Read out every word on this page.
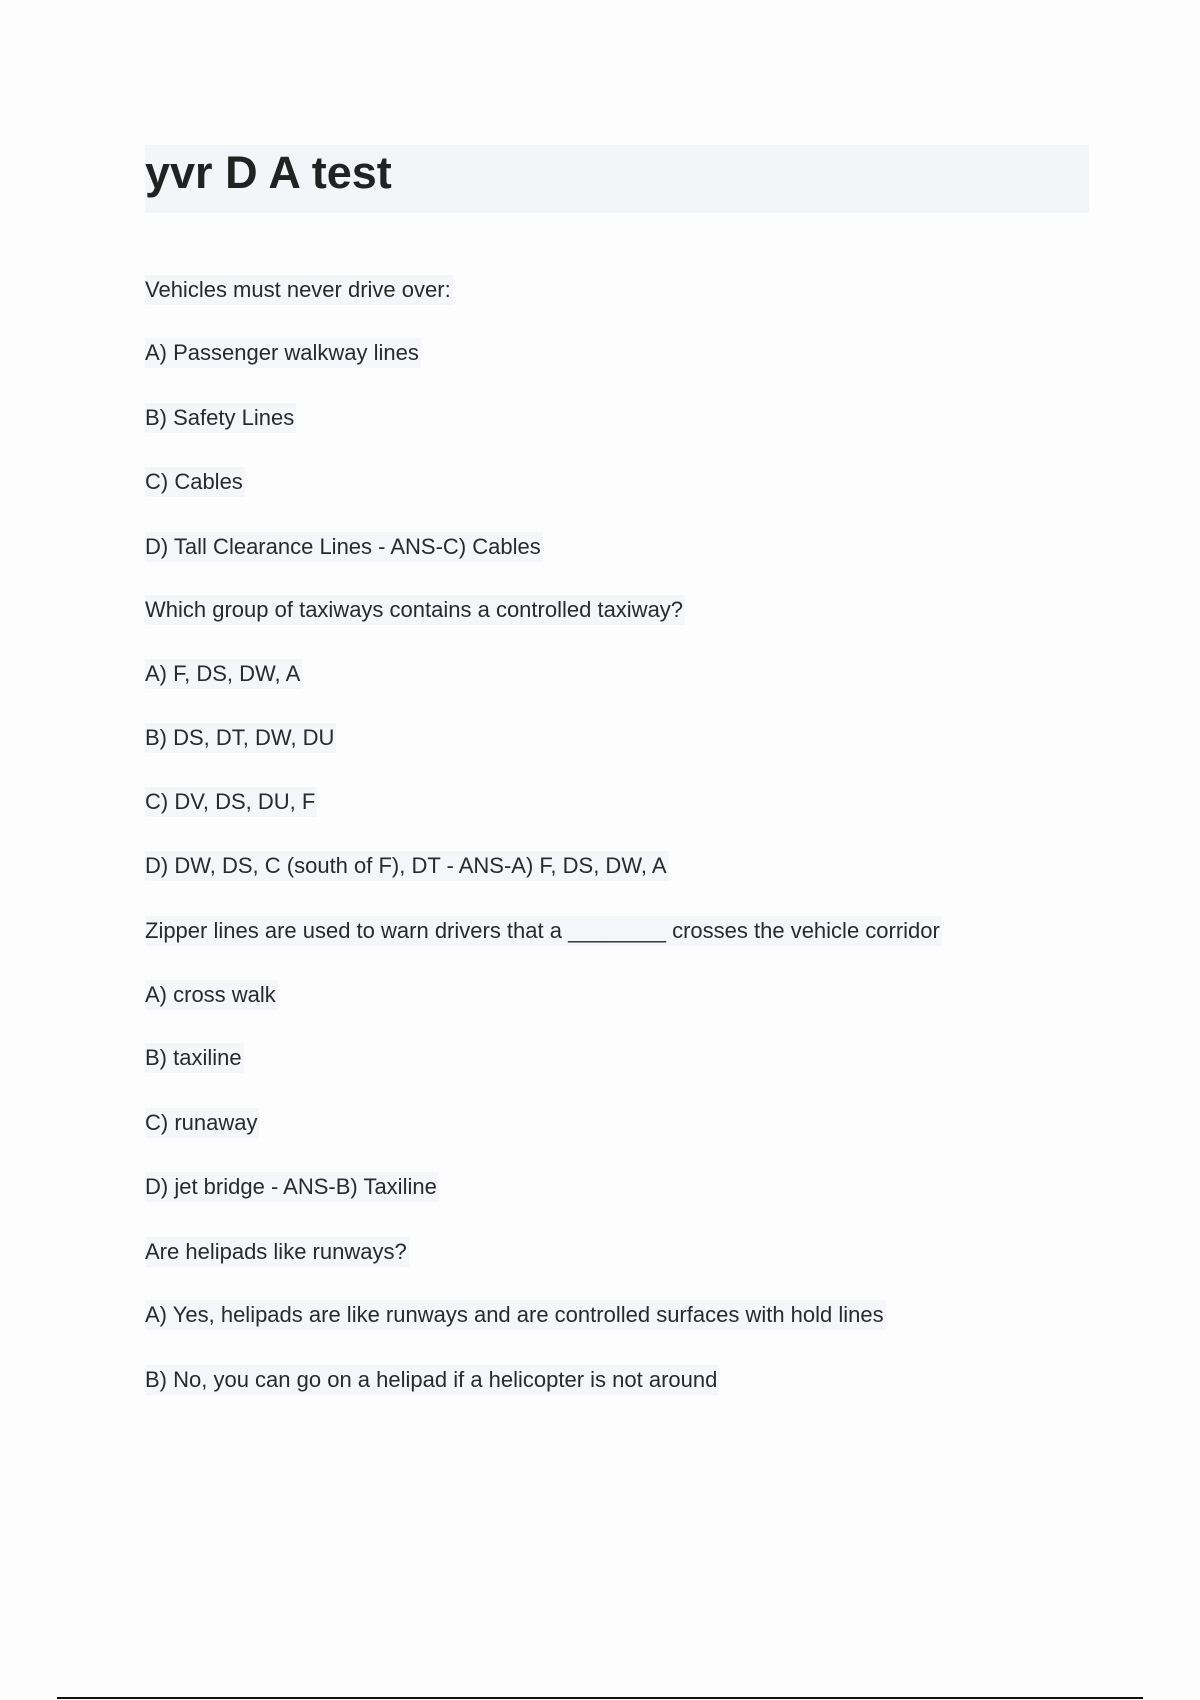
yvr D A test

Vehicles must never drive over:

A) Passenger walkway lines

B) Safety Lines

C) Cables

D) Tall Clearance Lines - ANS-C) Cables

Which group of taxiways contains a controlled taxiway?

A) F, DS, DW, A

B) DS, DT, DW, DU

C) DV, DS, DU, F

D) DW, DS, C (south of F), DT - ANS-A) F, DS, DW, A

Zipper lines are used to warn drivers that a ________ crosses the vehicle corridor

A) cross walk

B) taxiline

C) runaway

D) jet bridge - ANS-B) Taxiline

Are helipads like runways?

A) Yes, helipads are like runways and are controlled surfaces with hold lines

B) No, you can go on a helipad if a helicopter is not around
